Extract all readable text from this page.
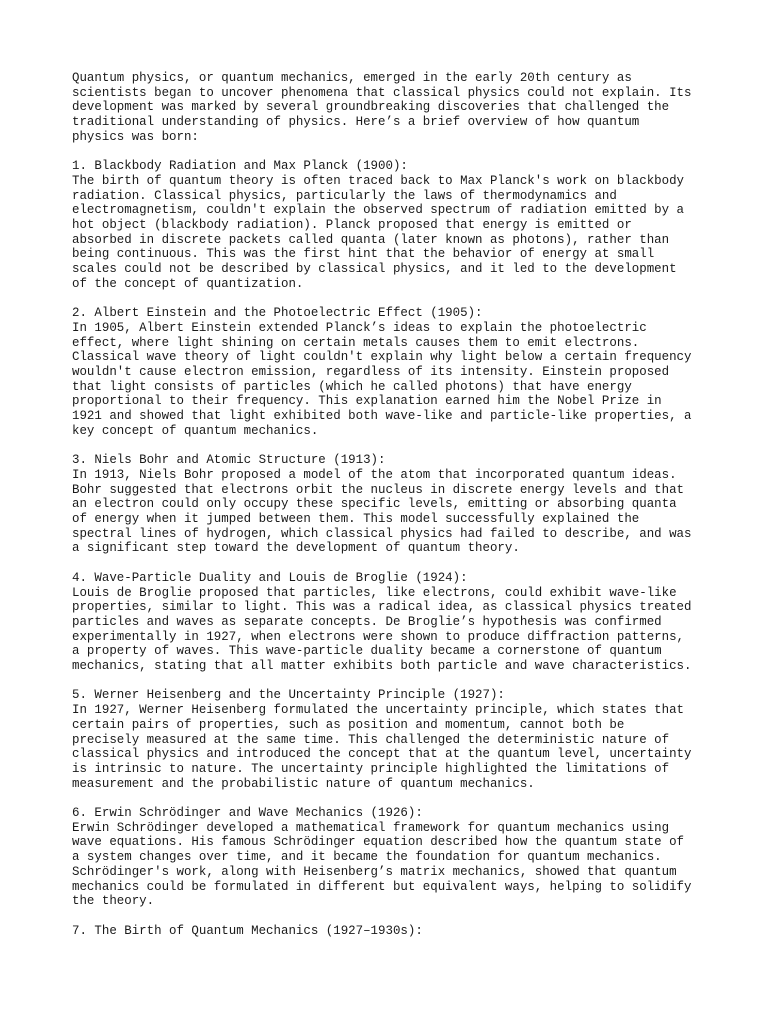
Quantum physics, or quantum mechanics, emerged in the early 20th century as
scientists began to uncover phenomena that classical physics could not explain. Its
development was marked by several groundbreaking discoveries that challenged the
traditional understanding of physics. Here’s a brief overview of how quantum
physics was born:
1. Blackbody Radiation and Max Planck (1900):
The birth of quantum theory is often traced back to Max Planck's work on blackbody
radiation. Classical physics, particularly the laws of thermodynamics and
electromagnetism, couldn't explain the observed spectrum of radiation emitted by a
hot object (blackbody radiation). Planck proposed that energy is emitted or
absorbed in discrete packets called quanta (later known as photons), rather than
being continuous. This was the first hint that the behavior of energy at small
scales could not be described by classical physics, and it led to the development
of the concept of quantization.
2. Albert Einstein and the Photoelectric Effect (1905):
In 1905, Albert Einstein extended Planck’s ideas to explain the photoelectric
effect, where light shining on certain metals causes them to emit electrons.
Classical wave theory of light couldn't explain why light below a certain frequency
wouldn't cause electron emission, regardless of its intensity. Einstein proposed
that light consists of particles (which he called photons) that have energy
proportional to their frequency. This explanation earned him the Nobel Prize in
1921 and showed that light exhibited both wave-like and particle-like properties, a
key concept of quantum mechanics.
3. Niels Bohr and Atomic Structure (1913):
In 1913, Niels Bohr proposed a model of the atom that incorporated quantum ideas.
Bohr suggested that electrons orbit the nucleus in discrete energy levels and that
an electron could only occupy these specific levels, emitting or absorbing quanta
of energy when it jumped between them. This model successfully explained the
spectral lines of hydrogen, which classical physics had failed to describe, and was
a significant step toward the development of quantum theory.
4. Wave-Particle Duality and Louis de Broglie (1924):
Louis de Broglie proposed that particles, like electrons, could exhibit wave-like
properties, similar to light. This was a radical idea, as classical physics treated
particles and waves as separate concepts. De Broglie’s hypothesis was confirmed
experimentally in 1927, when electrons were shown to produce diffraction patterns,
a property of waves. This wave-particle duality became a cornerstone of quantum
mechanics, stating that all matter exhibits both particle and wave characteristics.
5. Werner Heisenberg and the Uncertainty Principle (1927):
In 1927, Werner Heisenberg formulated the uncertainty principle, which states that
certain pairs of properties, such as position and momentum, cannot both be
precisely measured at the same time. This challenged the deterministic nature of
classical physics and introduced the concept that at the quantum level, uncertainty
is intrinsic to nature. The uncertainty principle highlighted the limitations of
measurement and the probabilistic nature of quantum mechanics.
6. Erwin Schrödinger and Wave Mechanics (1926):
Erwin Schrödinger developed a mathematical framework for quantum mechanics using
wave equations. His famous Schrödinger equation described how the quantum state of
a system changes over time, and it became the foundation for quantum mechanics.
Schrödinger's work, along with Heisenberg’s matrix mechanics, showed that quantum
mechanics could be formulated in different but equivalent ways, helping to solidify
the theory.
7. The Birth of Quantum Mechanics (1927–1930s):
